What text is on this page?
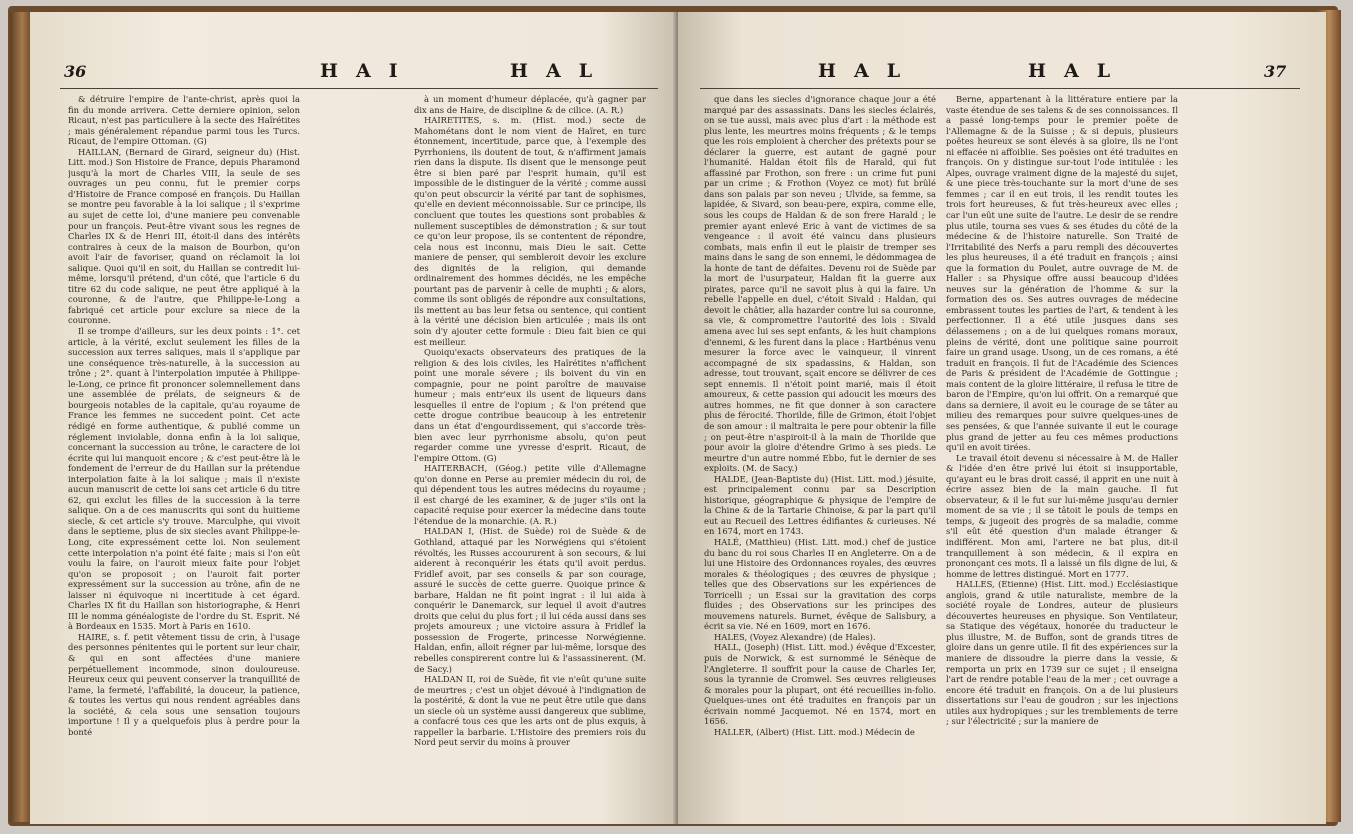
36	HAI	HAL

& détruire l'empire de l'ante-christ, après quoi la fin du monde arrivera. Cette derniere opinion, selon Ricaut, n'est pas particuliere à la secte des Haïrétites ; mais généralement répandue parmi tous les Turcs. Ricaut, de l'empire Ottoman. (G)

HAILLAN, (Bernard de Girard, seigneur du) (Hist. Litt. mod.) Son Histoire de France, depuis Pharamond jusqu'à la mort de Charles VIII, la seule de ses ouvrages un peu connu, fut le premier corps d'Histoire de France composé en françois. Du Haillan se montre peu favorable à la loi salique ; il s'exprime au sujet de cette loi, d'une maniere peu convenable pour un françois. Peut-être vivant sous les regnes de Charles IX & de Henri III, étoit-il dans des intérêts contraires à ceux de la maison de Bourbon, qu'on avoit l'air de favoriser, quand on réclamoit la loi salique. Quoi qu'il en soit, du Haillan se contredit lui-même, lorsqu'il prétend, d'un côté, que l'article 6 du titre 62 du code salique, ne peut être appliqué à la couronne, & de l'autre, que Philippe-le-Long a fabriqué cet article pour exclure sa niece de la couronne.

Il se trompe d'ailleurs, sur les deux points : 1°. cet article, à la vérité, exclut seulement les filles de la succession aux terres saliques, mais il s'applique par une conséquence très-naturelle, à la succession au trône ; 2°. quant à l'interpolation imputée à Philippe-le-Long, ce prince fit prononcer solemnellement dans une assemblée de prélats, de seigneurs & de bourgeois notables de la capitale, qu'au royaume de France les femmes ne succedent point. Cet acte rédigé en forme authentique, & publié comme un réglement inviolable, donna enfin à la loi salique, concernant la succession au trône, le caractere de loi écrite qui lui manquoit encore ; & c'est peut-être là le fondement de l'erreur de du Haillan sur la prétendue interpolation faite à la loi salique ; mais il n'existe aucun manuscrit de cette loi sans cet article 6 du titre 62, qui exclut les filles de la succession à la terre salique. On a de ces manuscrits qui sont du huitieme siecle, & cet article s'y trouve. Marculphe, qui vivoit dans le septieme, plus de six siecles avant Philippe-le-Long, cite expressément cette loi. Non seulement cette interpolation n'a point été faite ; mais si l'on eût voulu la faire, on l'auroit mieux faite pour l'objet qu'on se proposoit ; on l'auroit fait porter expressément sur la succession au trône, afin de ne laisser ni équivoque ni incertitude à cet égard. Charles IX fit du Haillan son historiographe, & Henri III le nomma généalogiste de l'ordre du St. Esprit. Né à Bordeaux en 1535. Mort à Paris en 1610.

HAIRE, s. f. petit vêtement tissu de crin, à l'usage des personnes pénitentes qui le portent sur leur chair, & qui en sont affectées d'une maniere perpétuellement incommode, sinon douloureuse. Heureux ceux qui peuvent conserver la tranquillité de l'ame, la fermeté, l'affabilité, la douceur, la patience, & toutes les vertus qui nous rendent agréables dans la société, & cela sous une sensation toujours importune ! Il y a quelquefois plus à perdre pour la bonté

à un moment d'humeur déplacée, qu'à gagner par dix ans de Haire, de discipline & de cilice. (A. R.)

HAIRETITES, s. m. (Hist. mod.) secte de Mahométans dont le nom vient de Haïret, en turc étonnement, incertitude, parce que, à l'exemple des Pyrrhoniens, ils doutent de tout, & n'affirment jamais rien dans la dispute. Ils disent que le mensonge peut être si bien paré par l'esprit humain, qu'il est impossible de le distinguer de la vérité ; comme aussi qu'on peut obscurcir la vérité par tant de sophismes, qu'elle en devient méconnoissable. Sur ce principe, ils concluent que toutes les questions sont probables & nullement susceptibles de démonstration ; & sur tout ce qu'on leur propose, ils se contentent de répondre, cela nous est inconnu, mais Dieu le sait. Cette maniere de penser, qui sembleroit devoir les exclure des dignités de la religion, qui demande ordinairement des hommes décidés, ne les empêche pourtant pas de parvenir à celle de muphti ; & alors, comme ils sont obligés de répondre aux consultations, ils mettent au bas leur fetsa ou sentence, qui contient à la vérité une décision bien articulée ; mais ils ont soin d'y ajouter cette formule : Dieu fait bien ce qui est meilleur.

Quoiqu'exacts observateurs des pratiques de la religion & des lois civiles, les Haïrétites n'affichent point une morale sévere ; ils boivent du vin en compagnie, pour ne point paroître de mauvaise humeur ; mais entr'eux ils usent de liqueurs dans lesquelles il entre de l'opium ; & l'on prétend que cette drogue contribue beaucoup à les entretenir dans un état d'engourdissement, qui s'accorde très-bien avec leur pyrrhonisme absolu, qu'on peut regarder comme une yvresse d'esprit. Ricaut, de l'empire Ottom. (G)

HAITERBACH, (Géog.) petite ville d'Allemagne qu'on donne en Perse au premier médecin du roi, de qui dépendent tous les autres médecins du royaume ; il est chargé de les examiner, & de juger s'ils ont la capacité requise pour exercer la médecine dans toute l'étendue de la monarchie. (A. R.)

HALDAN I, (Hist. de Suède) roi de Suède & de Gothland, attaqué par les Norwégiens qui s'étoient révoltés, les Russes accoururent à son secours, & lui aiderent à reconquérir les états qu'il avoit perdus. Fridlef avoit, par ses conseils & par son courage, assuré le succès de cette guerre. Quoique prince & barbare, Haldan ne fit point ingrat : il lui aida à conquérir le Danemarck, sur lequel il avoit d'autres droits que celui du plus fort ; il lui céda aussi dans ses projets amoureux ; une victoire assura à Fridlef la possession de Frogerte, princesse Norwégienne. Haldan, enfin, alloit régner par lui-même, lorsque des rebelles conspirerent contre lui & l'assassinerent. (M. de Sacy.)

HALDAN II, roi de Suède, fit vie n'eût qu'une suite de meurtres ; c'est un objet dévoué à l'indignation de la postérité, & dont la vue ne peut être utile que dans un siecle où un système aussi dangereux que sublime, a confacré tous ces que les arts ont de plus exquis, à rappeller la barbarie. L'Histoire des premiers rois du Nord peut servir du moins à prouver

HAL	HAL	37

que dans les siecles d'ignorance chaque jour a été marqué par des assassinats. Dans les siecles éclairés, on se tue aussi, mais avec plus d'art : la méthode est plus lente, les meurtres moins fréquents ; & le temps que les rois emploient à chercher des prétexts pour se déclarer la guerre, est autant de gagné pour l'humanité. Haldan étoit fils de Harald, qui fut affassiné par Frothon, son frere : un crime fut puni par un crime ; & Frothon (Voyez ce mot) fut brûlé dans son palais par son neveu ; Ulvide, sa femme, sa lapidée, & Sivard, son beau-pere, expira, comme elle, sous les coups de Haldan & de son frere Harald ; le premier ayant enlevé Eric à vant de victimes de sa vengeance : il avoit été vaincu dans plusieurs combats, mais enfin il eut le plaisir de tremper ses mains dans le sang de son ennemi, le dédommagea de la honte de tant de défaites. Devenu roi de Suède par la mort de l'usurpateur, Haldan fit la guerre aux pirates, parce qu'il ne savoit plus à qui la faire. Un rebelle l'appelle en duel, c'étoit Sivald : Haldan, qui devoit le châtier, alla hazarder contre lui sa couronne, sa vie, & compromettre l'autorité des lois : Sivald amena avec lui ses sept enfants, & les huit champions d'ennemi, & les furent dans la place : Hartbénus venu mesurer la force avec le vainqueur, il vinrent accompagné de six spadassins, & Haldan, son adresse, tout trouvant, sçait encore se délivrer de ces sept ennemis. Il n'étoit point marié, mais il étoit amoureux, & cette passion qui adoucit les mœurs des autres hommes, ne fit que donner à son caractere plus de férocité. Thorilde, fille de Grimon, étoit l'objet de son amour : il maltraita le pere pour obtenir la fille ; on peut-être n'aspiroit-il à la main de Thorilde que pour avoir la gloire d'étendre Grimo à ses pieds. Le meurtre d'un autre nommé Ebbo, fut le dernier de ses exploits. (M. de Sacy.)

HALDE, (Jean-Baptiste du) (Hist. Litt. mod.) jésuite, est principalement connu par sa Description historique, géographique & physique de l'empire de la Chine & de la Tartarie Chinoise, & par la part qu'il eut au Recueil des Lettres édifiantes & curieuses. Né en 1674, mort en 1743.

HALÉ, (Matthieu) (Hist. Litt. mod.) chef de justice du banc du roi sous Charles II en Angleterre. On a de lui une Histoire des Ordonnances royales, des œuvres morales & théologiques ; des œuvres de physique ; telles que des Observations sur les expériences de Torricelli ; un Essai sur la gravitation des corps fluides ; des Observations sur les principes des mouvemens naturels. Burnet, évêque de Salisbury, a écrit sa vie. Né en 1609, mort en 1676.

HALES, (Voyez Alexandre) (de Hales).

HALL, (Joseph) (Hist. Litt. mod.) évêque d'Excester, puis de Norwick, & est surnommé le Sénèque de l'Angleterre. Il souffrit pour la cause de Charles Ier, sous la tyrannie de Cromwel. Ses œuvres religieuses & morales pour la plupart, ont été recueillies in-folio. Quelques-unes ont été traduites en françois par un écrivain nommé Jacquemot. Né en 1574, mort en 1656.

HALLER, (Albert) (Hist. Litt. mod.) Médecin de

Berne, appartenant à la littérature entiere par la vaste étendue de ses talens & de ses connoissances. Il a passé long-temps pour le premier poëte de l'Allemagne & de la Suisse ; & si depuis, plusieurs poëtes heureux se sont élevés à sa gloire, ils ne l'ont ni effacée ni affoiblie. Ses poësies ont été traduites en françois. On y distingue sur-tout l'ode intitulée : les Alpes, ouvrage vraiment digne de la majesté du sujet, & une piece très-touchante sur la mort d'une de ses femmes ; car il en eut trois, il les rendit toutes les trois fort heureuses, & fut très-heureux avec elles ; car l'un eût une suite de l'autre. Le desir de se rendre plus utile, tourna ses vues & ses études du côté de la médecine & de l'histoire naturelle. Son Traité de l'Irritabilité des Nerfs a paru rempli des découvertes les plus heureuses, il a été traduit en françois ; ainsi que la formation du Poulet, autre ouvrage de M. de Haller : sa Physique offre aussi beaucoup d'idées neuves sur la génération de l'homme & sur la formation des os. Ses autres ouvrages de médecine embrassent toutes les parties de l'art, & tendent à les perfectionner. Il a été utile jusques dans ses délassemens ; on a de lui quelques romans moraux, pleins de vérité, dont une politique saine pourroit faire un grand usage. Usong, un de ces romans, a été traduit en françois. Il fut de l'Académie des Sciences de Paris & président de l'Académie de Gottingue ; mais content de la gloire littéraire, il refusa le titre de baron de l'Empire, qu'on lui offrit. On a remarqué que dans sa derniere, il avoit eu le courage de se tâter au milieu des remarques pour suivre quelques-unes de ses pensées, & que l'année suivante il eut le courage plus grand de jetter au feu ces mêmes productions qu'il en avoit tirées.

Le travail étoit devenu si nécessaire à M. de Haller & l'idée d'en être privé lui étoit si insupportable, qu'ayant eu le bras droit cassé, il apprit en une nuit à écrire assez bien de la main gauche. Il fut observateur, & il le fut sur lui-même jusqu'au dernier moment de sa vie ; il se tâtoit le pouls de temps en temps, & jugeoit des progrès de sa maladie, comme s'il eût été question d'un malade étranger & indifférent. Mon ami, l'artere ne bat plus, dit-il tranquillement à son médecin, & il expira en prononçant ces mots. Il a laissé un fils digne de lui, & homme de lettres distingué. Mort en 1777.

HALLES, (Etienne) (Hist. Litt. mod.) Ecclésiastique anglois, grand & utile naturaliste, membre de la société royale de Londres, auteur de plusieurs découvertes heureuses en physique. Son Ventilateur, sa Statique des végétaux, honorée du traducteur le plus illustre, M. de Buffon, sont de grands titres de gloire dans un genre utile. Il fit des expériences sur la maniere de dissoudre la pierre dans la vessie, & remporta un prix en 1739 sur ce sujet ; il enseigna l'art de rendre potable l'eau de la mer ; cet ouvrage a encore été traduit en françois. On a de lui plusieurs dissertations sur l'eau de goudron ; sur les injections utiles aux hydropiques ; sur les tremblements de terre ; sur l'électricité ; sur la maniere de
